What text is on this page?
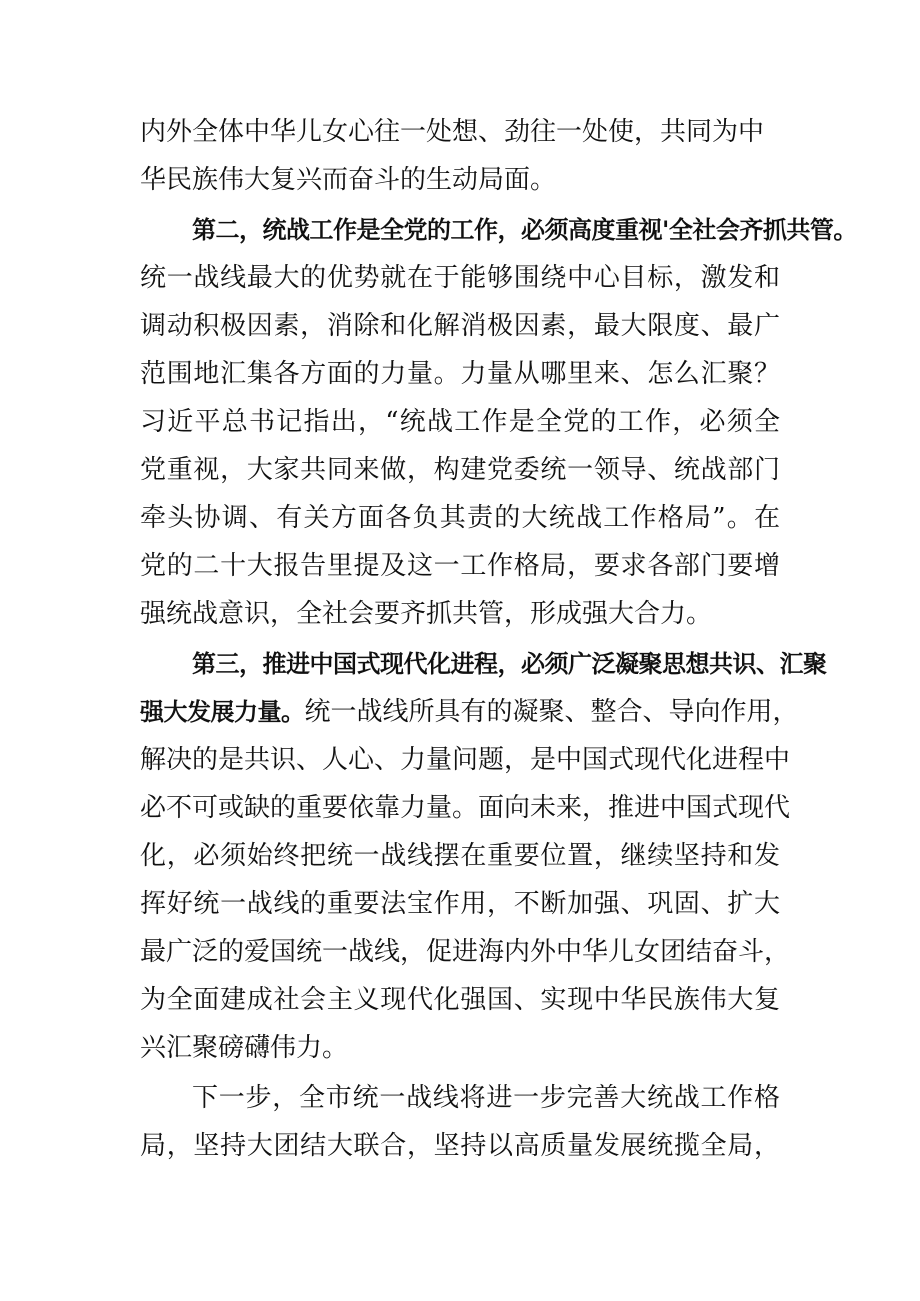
内外全体中华儿女心往一处想、劲往一处使，共同为中
华民族伟大复兴而奋斗的生动局面。
第二，统战工作是全党的工作，必须高度重视'全社会齐抓共管。
统一战线最大的优势就在于能够围绕中心目标，激发和
调动积极因素，消除和化解消极因素，最大限度、最广
范围地汇集各方面的力量。力量从哪里来、怎么汇聚？
习近平总书记指出，“统战工作是全党的工作，必须全
党重视，大家共同来做，构建党委统一领导、统战部门
牵头协调、有关方面各负其责的大统战工作格局”。在
党的二十大报告里提及这一工作格局，要求各部门要增
强统战意识，全社会要齐抓共管，形成强大合力。
第三，推进中国式现代化进程，必须广泛凝聚思想共识、汇聚
强大发展力量。统一战线所具有的凝聚、整合、导向作用，
解决的是共识、人心、力量问题，是中国式现代化进程中
必不可或缺的重要依靠力量。面向未来，推进中国式现代
化，必须始终把统一战线摆在重要位置，继续坚持和发
挥好统一战线的重要法宝作用，不断加强、巩固、扩大
最广泛的爱国统一战线，促进海内外中华儿女团结奋斗，
为全面建成社会主义现代化强国、实现中华民族伟大复
兴汇聚磅礴伟力。
下一步，全市统一战线将进一步完善大统战工作格
局，坚持大团结大联合，坚持以高质量发展统揽全局，
